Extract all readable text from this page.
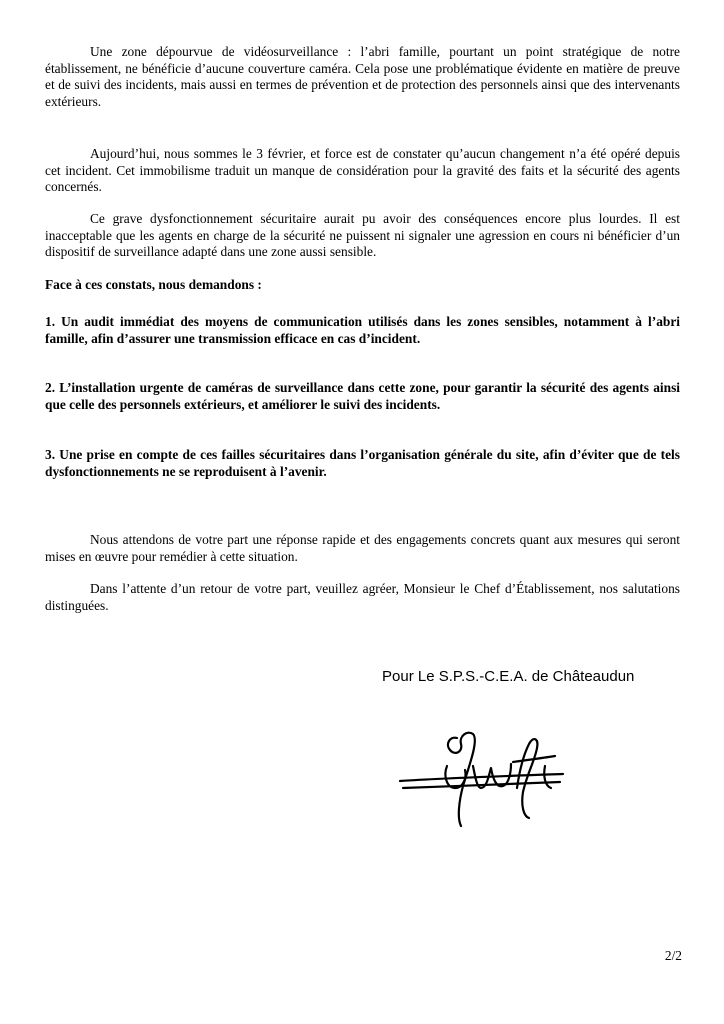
Une zone dépourvue de vidéosurveillance : l’abri famille, pourtant un point stratégique de notre établissement, ne bénéficie d’aucune couverture caméra. Cela pose une problématique évidente en matière de preuve et de suivi des incidents, mais aussi en termes de prévention et de protection des personnels ainsi que des intervenants extérieurs.

Aujourd’hui, nous sommes le 3 février, et force est de constater qu’aucun changement n’a été opéré depuis cet incident. Cet immobilisme traduit un manque de considération pour la gravité des faits et la sécurité des agents concernés.

Ce grave dysfonctionnement sécuritaire aurait pu avoir des conséquences encore plus lourdes. Il est inacceptable que les agents en charge de la sécurité ne puissent ni signaler une agression en cours ni bénéficier d’un dispositif de surveillance adapté dans une zone aussi sensible.

Face à ces constats, nous demandons :

1. Un audit immédiat des moyens de communication utilisés dans les zones sensibles, notamment à l’abri famille, afin d’assurer une transmission efficace en cas d’incident.

2. L’installation urgente de caméras de surveillance dans cette zone, pour garantir la sécurité des agents ainsi que celle des personnels extérieurs, et améliorer le suivi des incidents.

3. Une prise en compte de ces failles sécuritaires dans l’organisation générale du site, afin d’éviter que de tels dysfonctionnements ne se reproduisent à l’avenir.

Nous attendons de votre part une réponse rapide et des engagements concrets quant aux mesures qui seront mises en œuvre pour remédier à cette situation.

Dans l’attente d’un retour de votre part, veuillez agréer, Monsieur le Chef d’Établissement, nos salutations distinguées.

Pour Le S.P.S.-C.E.A. de Châteaudun
2/2
